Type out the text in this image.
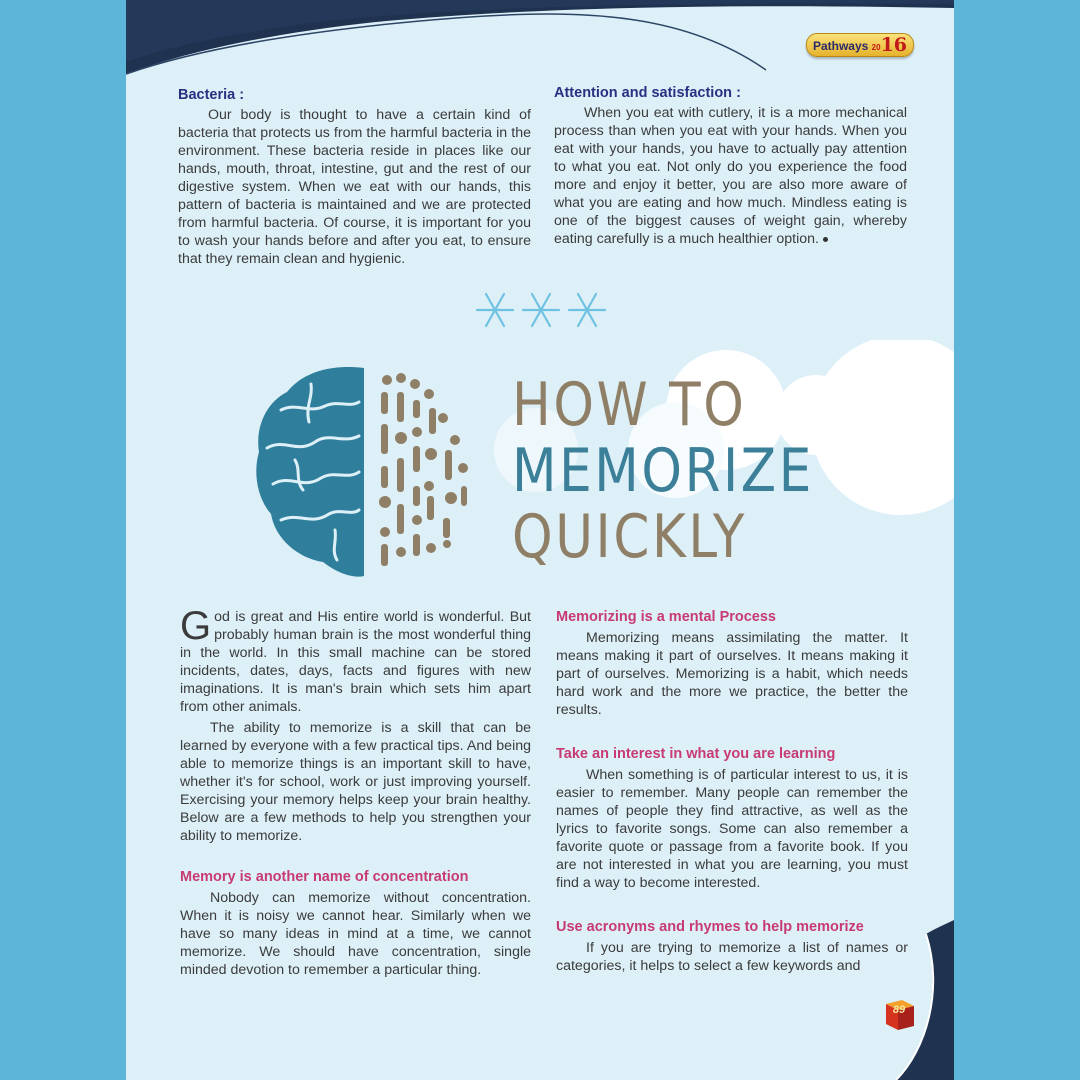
Pathways 2016
Bacteria :

Our body is thought to have a certain kind of bacteria that protects us from the harmful bacteria in the environment. These bacteria reside in places like our hands, mouth, throat, intestine, gut and the rest of our digestive system. When we eat with our hands, this pattern of bacteria is maintained and we are protected from harmful bacteria. Of course, it is important for you to wash your hands before and after you eat, to ensure that they remain clean and hygienic.

Attention and satisfaction :

When you eat with cutlery, it is a more mechanical process than when you eat with your hands. When you eat with your hands, you have to actually pay attention to what you eat. Not only do you experience the food more and enjoy it better, you are also more aware of what you are eating and how much. Mindless eating is one of the biggest causes of weight gain, whereby eating carefully is a much healthier option.

HOW TO
MEMORIZE
QUICKLY

God is great and His entire world is wonderful. But probably human brain is the most wonderful thing in the world. In this small machine can be stored incidents, dates, days, facts and figures with new imaginations. It is man's brain which sets him apart from other animals.

The ability to memorize is a skill that can be learned by everyone with a few practical tips. And being able to memorize things is an important skill to have, whether it's for school, work or just improving yourself. Exercising your memory helps keep your brain healthy. Below are a few methods to help you strengthen your ability to memorize.

Memory is another name of concentration

Nobody can memorize without concentration. When it is noisy we cannot hear. Similarly when we have so many ideas in mind at a time, we cannot memorize. We should have concentration, single minded devotion to remember a particular thing.

Memorizing is a mental Process

Memorizing means assimilating the matter. It means making it part of ourselves. It means making it part of ourselves. Memorizing is a habit, which needs hard work and the more we practice, the better the results.

Take an interest in what you are learning

When something is of particular interest to us, it is easier to remember. Many people can remember the names of people they find attractive, as well as the lyrics to favorite songs. Some can also remember a favorite quote or passage from a favorite book. If you are not interested in what you are learning, you must find a way to become interested.

Use acronyms and rhymes to help memorize

If you are trying to memorize a list of names or categories, it helps to select a few keywords and

89
